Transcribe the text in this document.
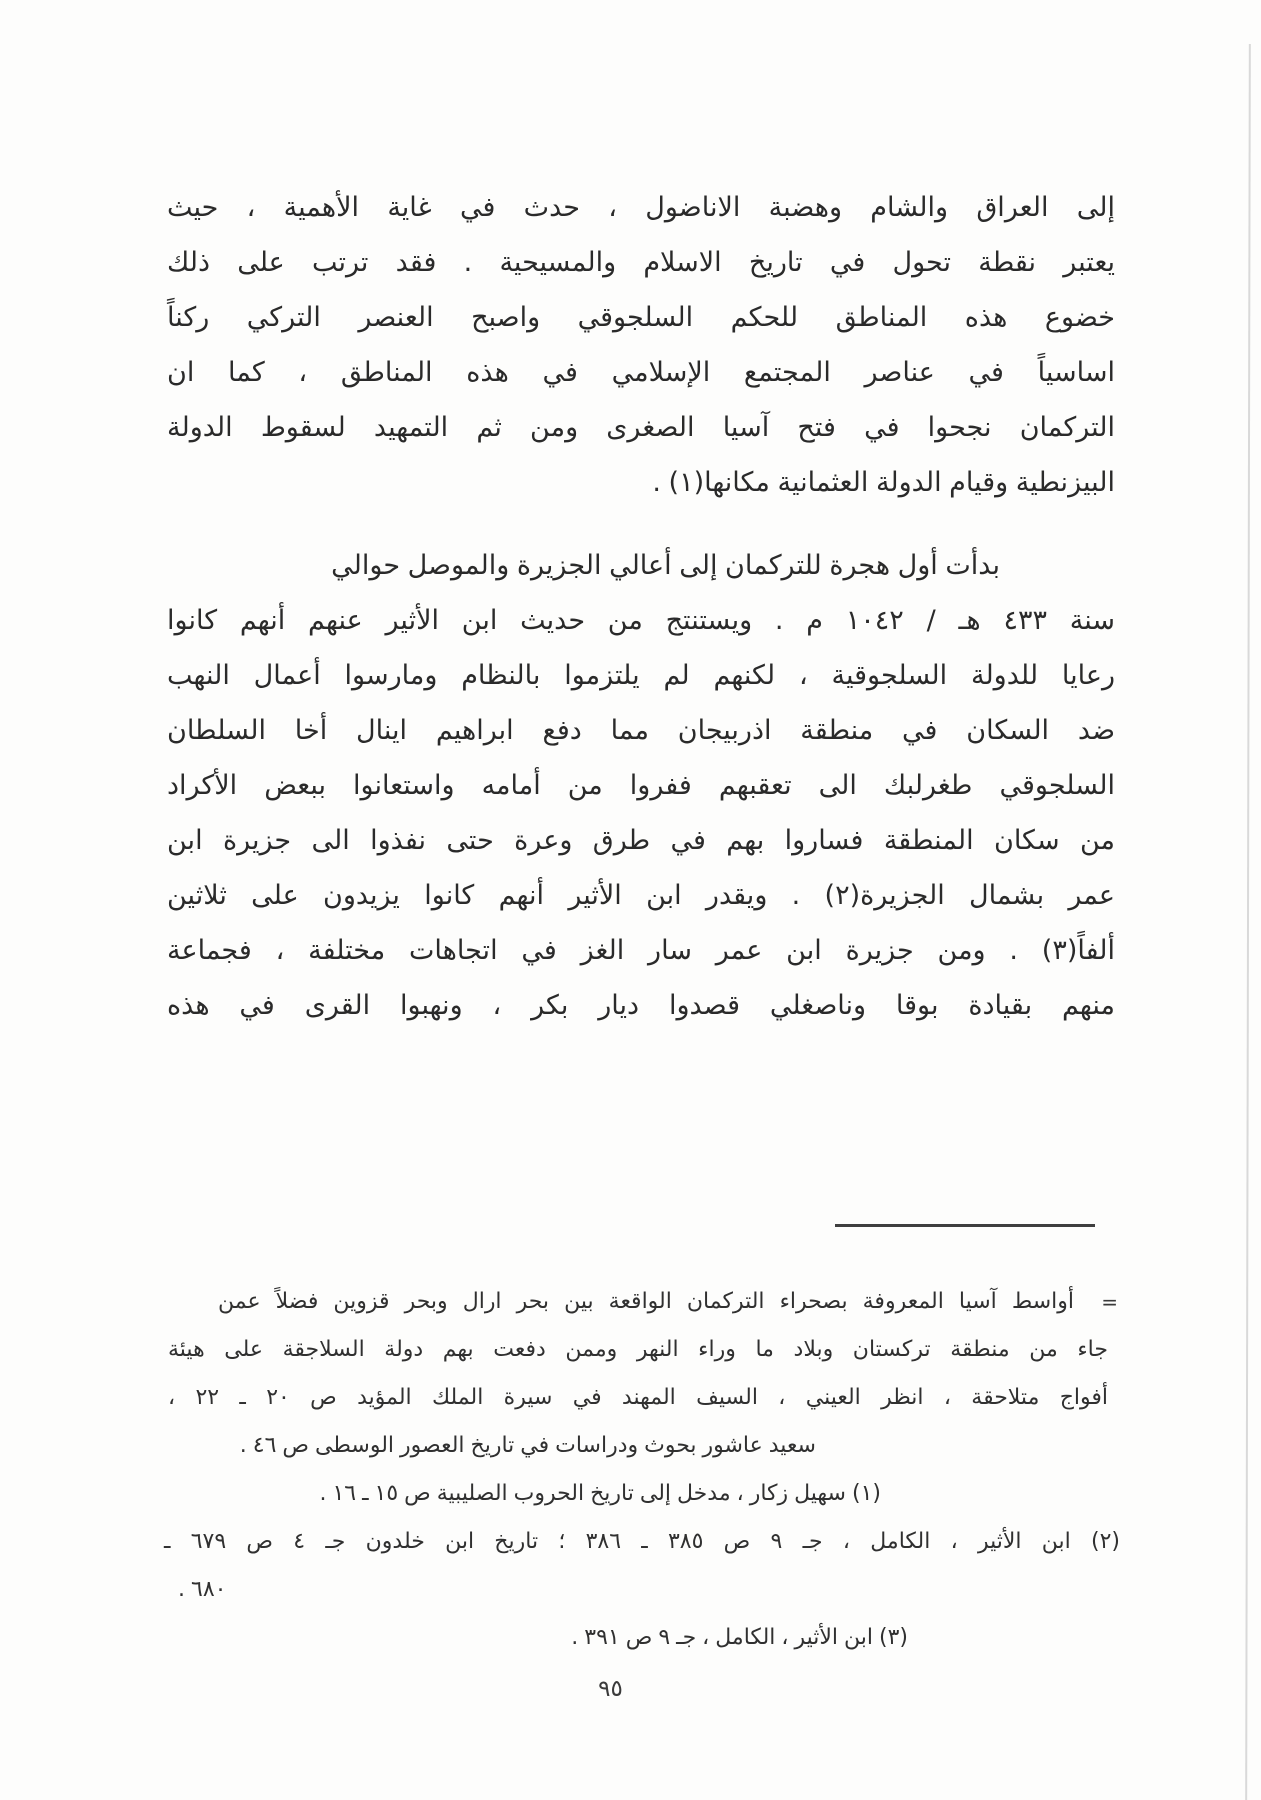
إلى العراق والشام وهضبة الاناضول ، حدث في غاية الأهمية ، حيث
يعتبر نقطة تحول في تاريخ الاسلام والمسيحية . فقد ترتب على ذلك
خضوع هذه المناطق للحكم السلجوقي واصبح العنصر التركي ركناً
اساسياً في عناصر المجتمع الإسلامي في هذه المناطق ، كما ان
التركمان نجحوا في فتح آسيا الصغرى ومن ثم التمهيد لسقوط الدولة
البيزنطية وقيام الدولة العثمانية مكانها(١) .
بدأت أول هجرة للتركمان إلى أعالي الجزيرة والموصل حوالي
سنة ٤٣٣ هـ / ١٠٤٢ م . ويستنتج من حديث ابن الأثير عنهم أنهم كانوا
رعايا للدولة السلجوقية ، لكنهم لم يلتزموا بالنظام ومارسوا أعمال النهب
ضد السكان في منطقة اذربيجان مما دفع ابراهيم اينال أخا السلطان
السلجوقي طغرلبك الى تعقبهم ففروا من أمامه واستعانوا ببعض الأكراد
من سكان المنطقة فساروا بهم في طرق وعرة حتى نفذوا الى جزيرة ابن
عمر بشمال الجزيرة(٢) . ويقدر ابن الأثير أنهم كانوا يزيدون على ثلاثين
ألفاً(٣) . ومن جزيرة ابن عمر سار الغز في اتجاهات مختلفة ، فجماعة
منهم بقيادة بوقا وناصغلي قصدوا ديار بكر ، ونهبوا القرى في هذه
=
أواسط آسيا المعروفة بصحراء التركمان الواقعة بين بحر ارال وبحر قزوين فضلاً عمن
جاء من منطقة تركستان وبلاد ما وراء النهر وممن دفعت بهم دولة السلاجقة على هيئة
أفواج متلاحقة ، انظر العيني ، السيف المهند في سيرة الملك المؤيد ص ٢٠ ـ ٢٢ ،
سعيد عاشور بحوث ودراسات في تاريخ العصور الوسطى ص ٤٦ .
(١) سهيل زكار ، مدخل إلى تاريخ الحروب الصليبية ص ١٥ ـ ١٦ .
(٢) ابن الأثير ، الكامل ، جـ ٩ ص ٣٨٥ ـ ٣٨٦ ؛ تاريخ ابن خلدون جـ ٤ ص ٦٧٩ ـ
٦٨٠ .
(٣) ابن الأثير ، الكامل ، جـ ٩ ص ٣٩١ .
٩٥
